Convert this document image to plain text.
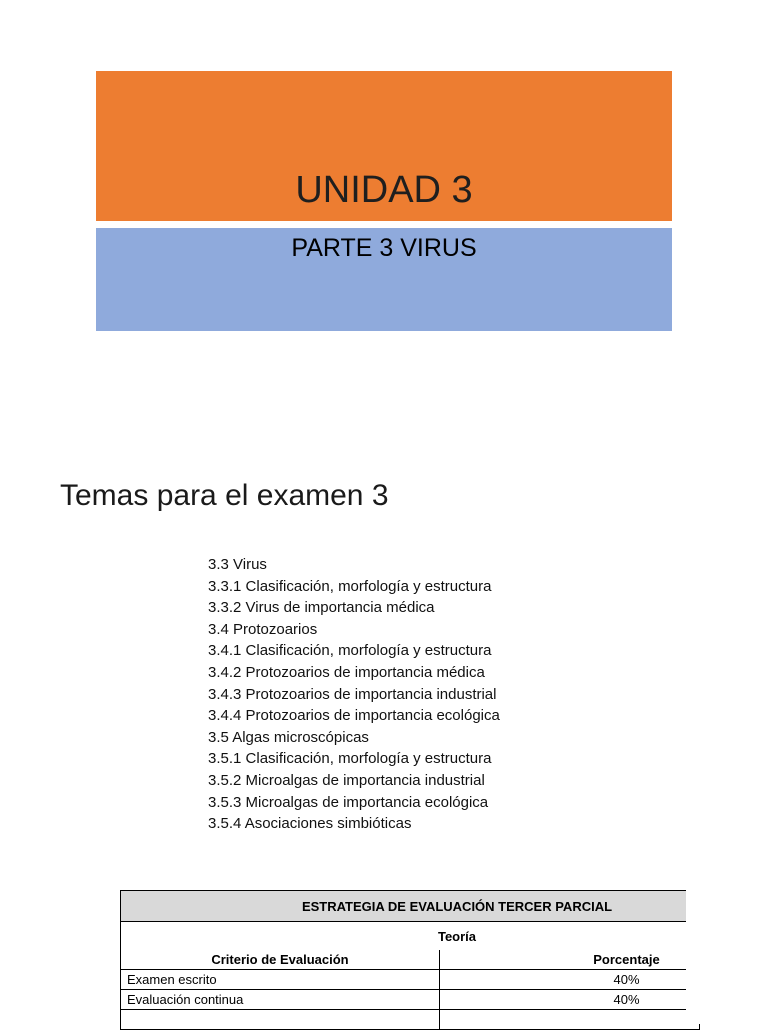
UNIDAD 3
PARTE 3 VIRUS
Temas para el examen 3
3.3 Virus
3.3.1 Clasificación, morfología y estructura
3.3.2 Virus de importancia médica
3.4 Protozoarios
3.4.1 Clasificación, morfología y estructura
3.4.2 Protozoarios de importancia médica
3.4.3 Protozoarios de importancia industrial
3.4.4 Protozoarios de importancia ecológica
3.5 Algas microscópicas
3.5.1 Clasificación, morfología y estructura
3.5.2 Microalgas de importancia industrial
3.5.3 Microalgas de importancia ecológica
3.5.4 Asociaciones simbióticas
ESTRATEGIA DE EVALUACIÓN TERCER PARCIAL	
Teoría	
Criterio de Evaluación	Porcentaje
Examen escrito	40%
Evaluación continua	40%
